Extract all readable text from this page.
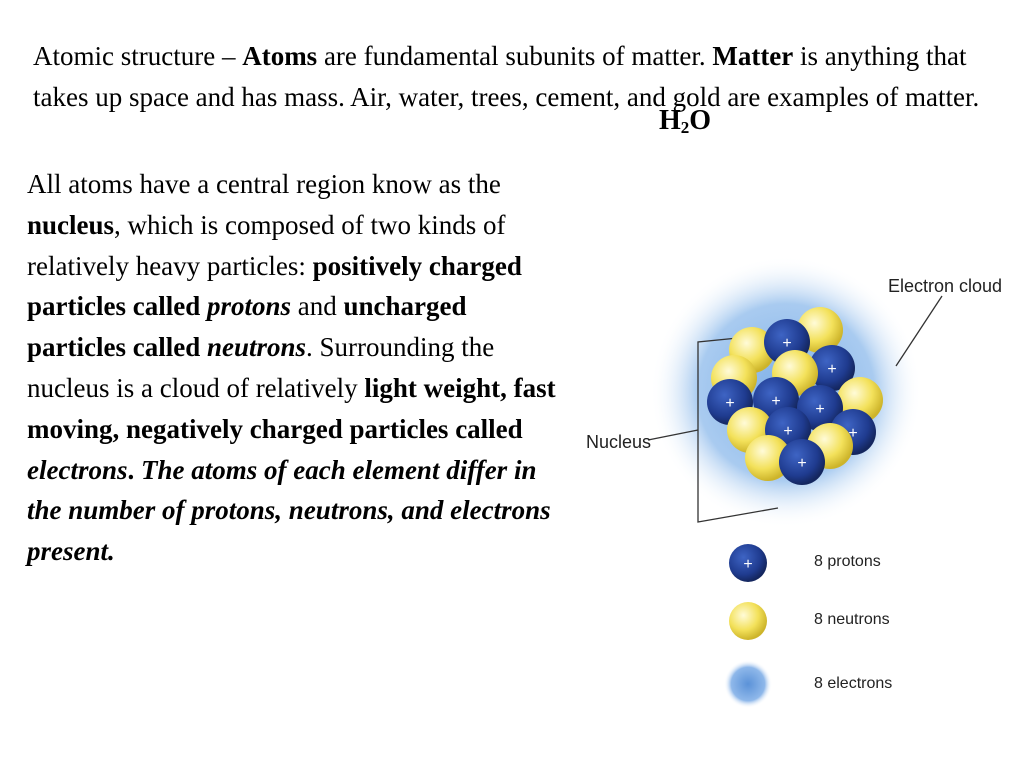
Atomic structure – Atoms are fundamental subunits of matter. Matter is anything that takes up space and has mass. Air, water, trees, cement, and gold are examples of matter.
$H_2O$

All atoms have a central region know as the nucleus, which is composed of two kinds of relatively heavy particles: positively charged particles called protons and uncharged particles called neutrons. Surrounding the nucleus is a cloud of relatively light weight, fast moving, negatively charged particles called electrons. The atoms of each element differ in the number of protons, neutrons, and electrons present.

+
+
+ + +
+	+
+
+
Electron cloud
Nucleus
8 protons
8 neutrons
8 electrons
